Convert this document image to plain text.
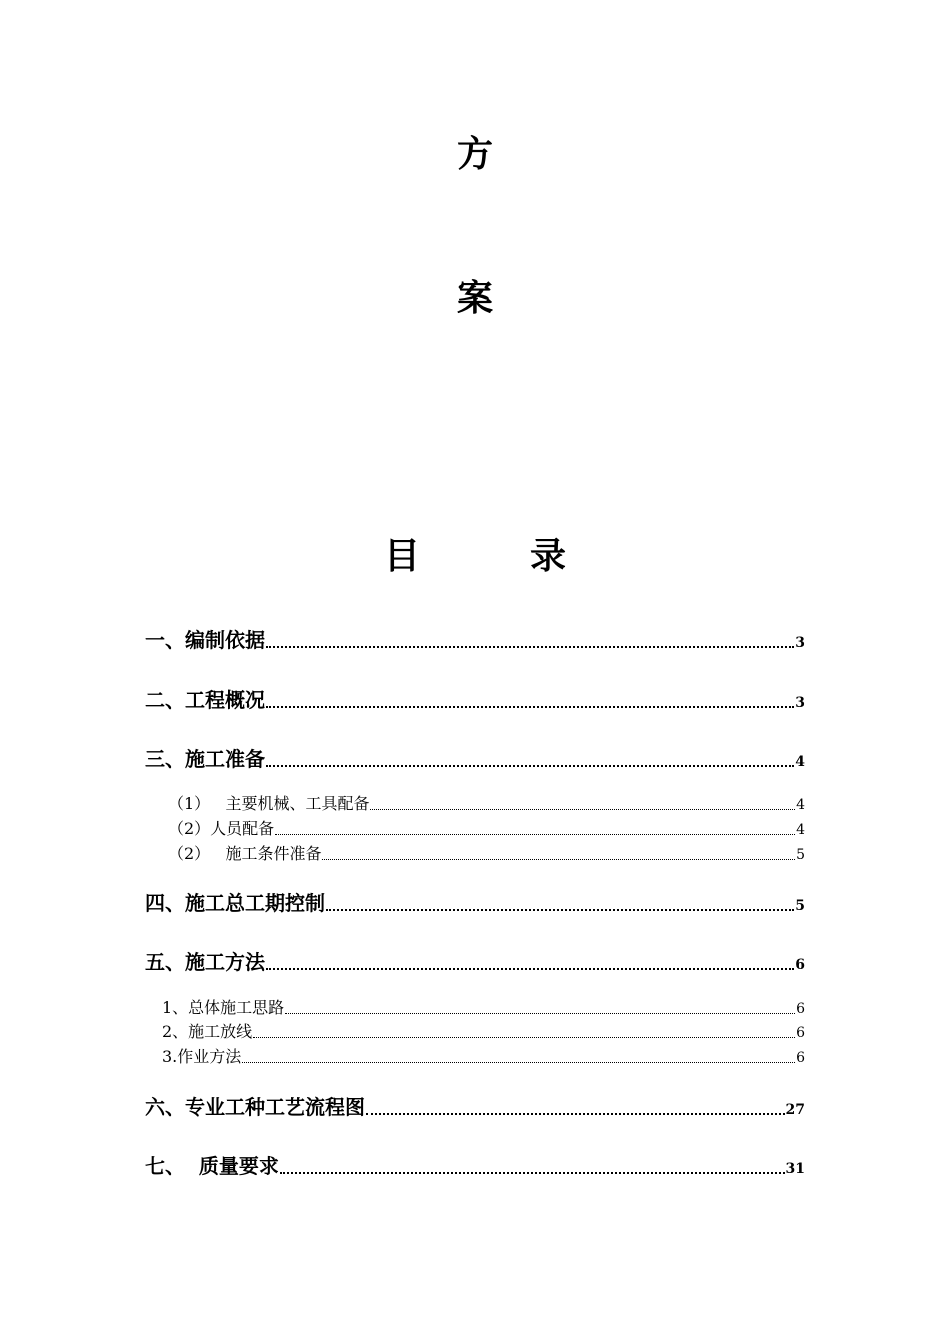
方
案
目	录
一、编制依据	3
二、工程概况	3
三、施工准备	4
（1）   主要机械、工具配备	4
（2）人员配备	4
（2）   施工条件准备	5
四、施工总工期控制	5
五、施工方法	6
1、总体施工思路	6
2、施工放线	6
3.作业方法	6
六、专业工种工艺流程图	27
七、  质量要求	31
